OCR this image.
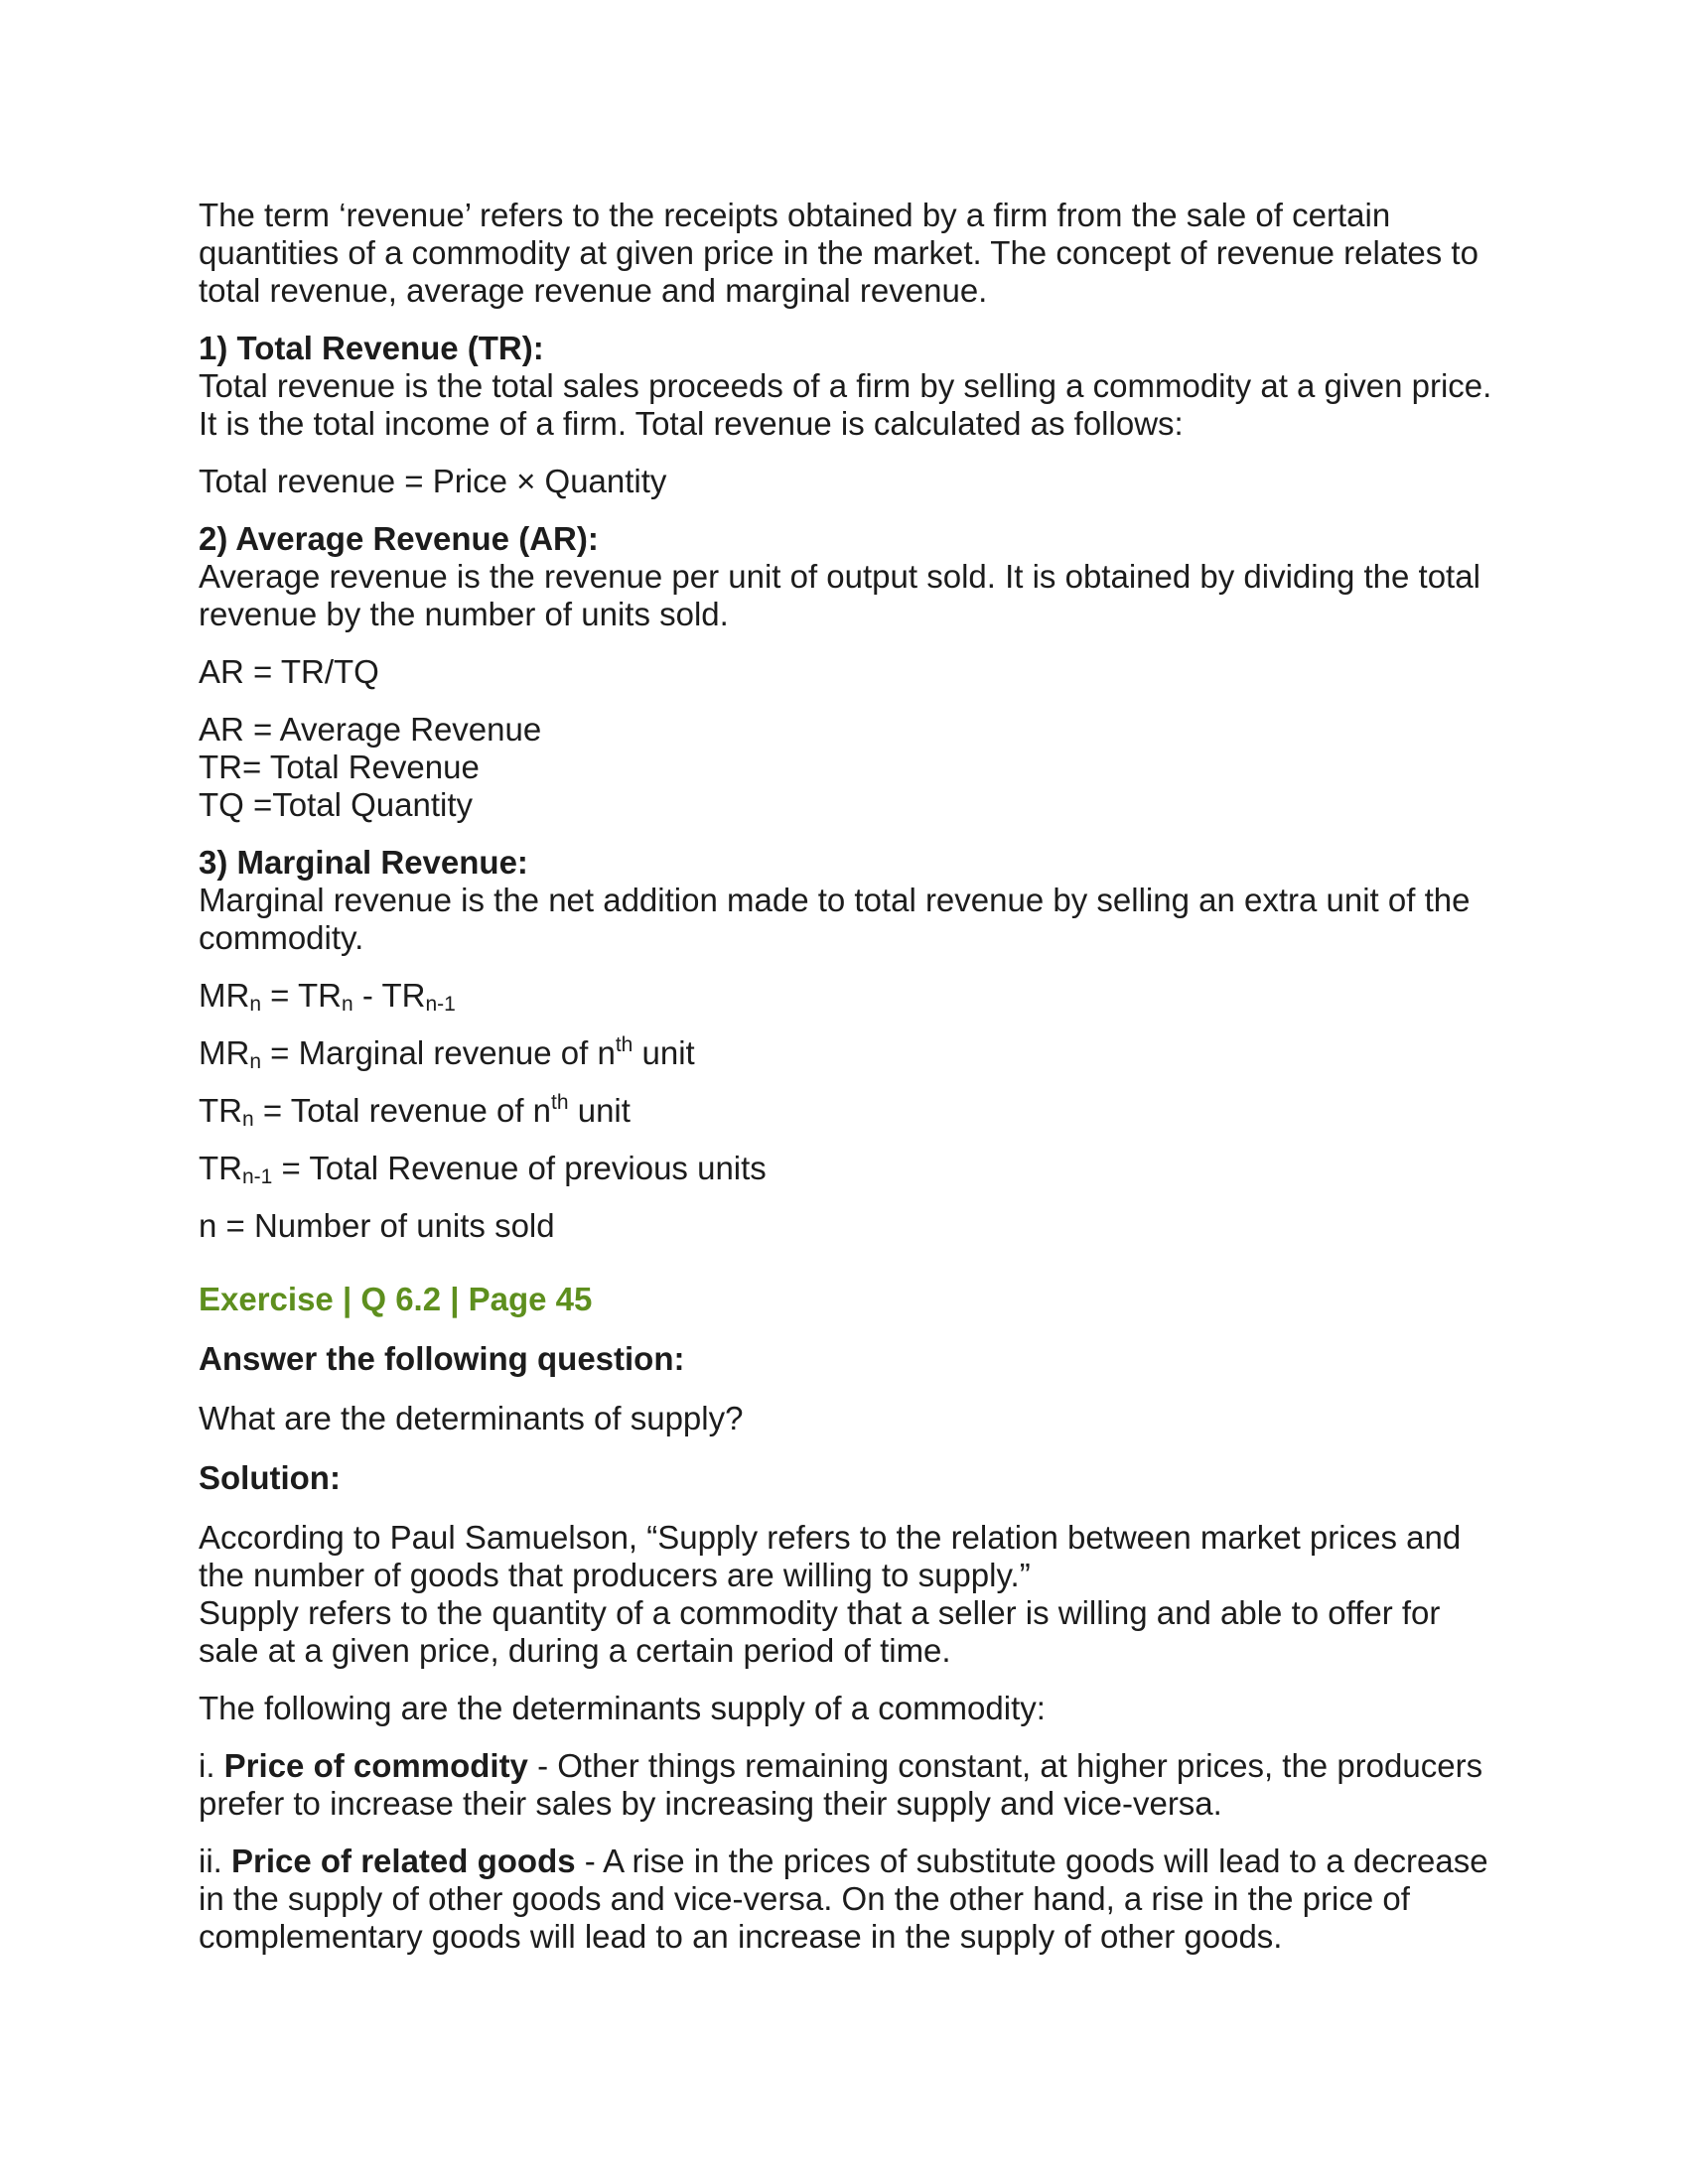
The term ‘revenue’ refers to the receipts obtained by a firm from the sale of certain quantities of a commodity at given price in the market. The concept of revenue relates to total revenue, average revenue and marginal revenue.

1) Total Revenue (TR):

Total revenue is the total sales proceeds of a firm by selling a commodity at a given price. It is the total income of a firm. Total revenue is calculated as follows:

Total revenue = Price × Quantity

2) Average Revenue (AR):

Average revenue is the revenue per unit of output sold. It is obtained by dividing the total revenue by the number of units sold.

AR = TR/TQ

AR = Average Revenue

TR= Total Revenue

TQ =Total Quantity

3) Marginal Revenue:

Marginal revenue is the net addition made to total revenue by selling an extra unit of the commodity.

MRn = TRn - TRn-1

MRn = Marginal revenue of $n^{th}$ unit

TRn = Total revenue of $n^{th}$ unit

TRn-1 = Total Revenue of previous units

n = Number of units sold

Exercise | Q 6.2 | Page 45

Answer the following question:

What are the determinants of supply?

Solution:

According to Paul Samuelson, “Supply refers to the relation between market prices and the number of goods that producers are willing to supply.”

Supply refers to the quantity of a commodity that a seller is willing and able to offer for sale at a given price, during a certain period of time.

The following are the determinants supply of a commodity:

i. Price of commodity - Other things remaining constant, at higher prices, the producers prefer to increase their sales by increasing their supply and vice-versa.

ii. Price of related goods - A rise in the prices of substitute goods will lead to a decrease in the supply of other goods and vice-versa. On the other hand, a rise in the price of complementary goods will lead to an increase in the supply of other goods.
